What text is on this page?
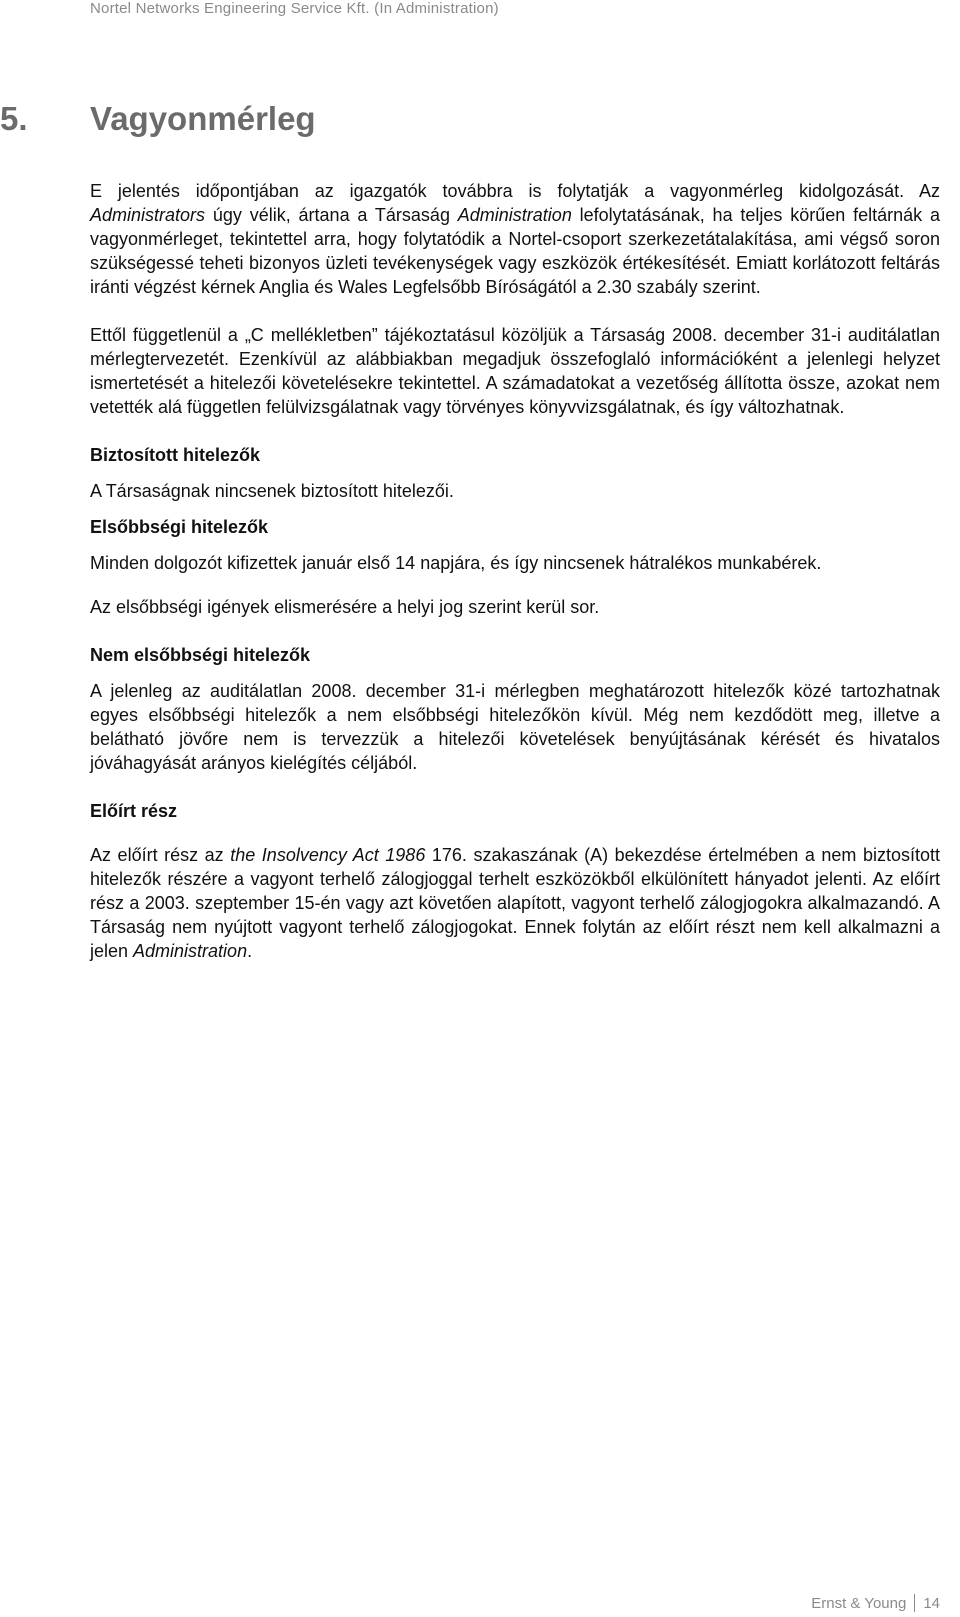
Nortel Networks Engineering Service Kft. (In Administration)
5. Vagyonmérleg

E jelentés időpontjában az igazgatók továbbra is folytatják a vagyonmérleg kidolgozását. Az Administrators úgy vélik, ártana a Társaság Administration lefolytatásának, ha teljes körűen feltárnák a vagyonmérleget, tekintettel arra, hogy folytatódik a Nortel-csoport szerkezetátalakítása, ami végső soron szükségessé teheti bizonyos üzleti tevékenységek vagy eszközök értékesítését. Emiatt korlátozott feltárás iránti végzést kérnek Anglia és Wales Legfelsőbb Bíróságától a 2.30 szabály szerint.

Ettől függetlenül a „C mellékletben” tájékoztatásul közöljük a Társaság 2008. december 31-i auditálatlan mérlegtervezetét. Ezenkívül az alábbiakban megadjuk összefoglaló információként a jelenlegi helyzet ismertetését a hitelezői követelésekre tekintettel. A számadatokat a vezetőség állította össze, azokat nem vetették alá független felülvizsgálatnak vagy törvényes könyvvizsgálatnak, és így változhatnak.

Biztosított hitelezők

A Társaságnak nincsenek biztosított hitelezői.

Elsőbbségi hitelezők

Minden dolgozót kifizettek január első 14 napjára, és így nincsenek hátralékos munkabérek.

Az elsőbbségi igények elismerésére a helyi jog szerint kerül sor.

Nem elsőbbségi hitelezők

A jelenleg az auditálatlan 2008. december 31-i mérlegben meghatározott hitelezők közé tartozhatnak egyes elsőbbségi hitelezők a nem elsőbbségi hitelezőkön kívül. Még nem kezdődött meg, illetve a belátható jövőre nem is tervezzük a hitelezői követelések benyújtásának kérését és hivatalos jóváhagyását arányos kielégítés céljából.

Előírt rész

Az előírt rész az the Insolvency Act 1986 176. szakaszának (A) bekezdése értelmében a nem biztosított hitelezők részére a vagyont terhelő zálogjoggal terhelt eszközökből elkülönített hányadot jelenti. Az előírt rész a 2003. szeptember 15-én vagy azt követően alapított, vagyont terhelő zálogjogokra alkalmazandó. A Társaság nem nyújtott vagyont terhelő zálogjogokat. Ennek folytán az előírt részt nem kell alkalmazni a jelen Administration.

Ernst & Young 14
